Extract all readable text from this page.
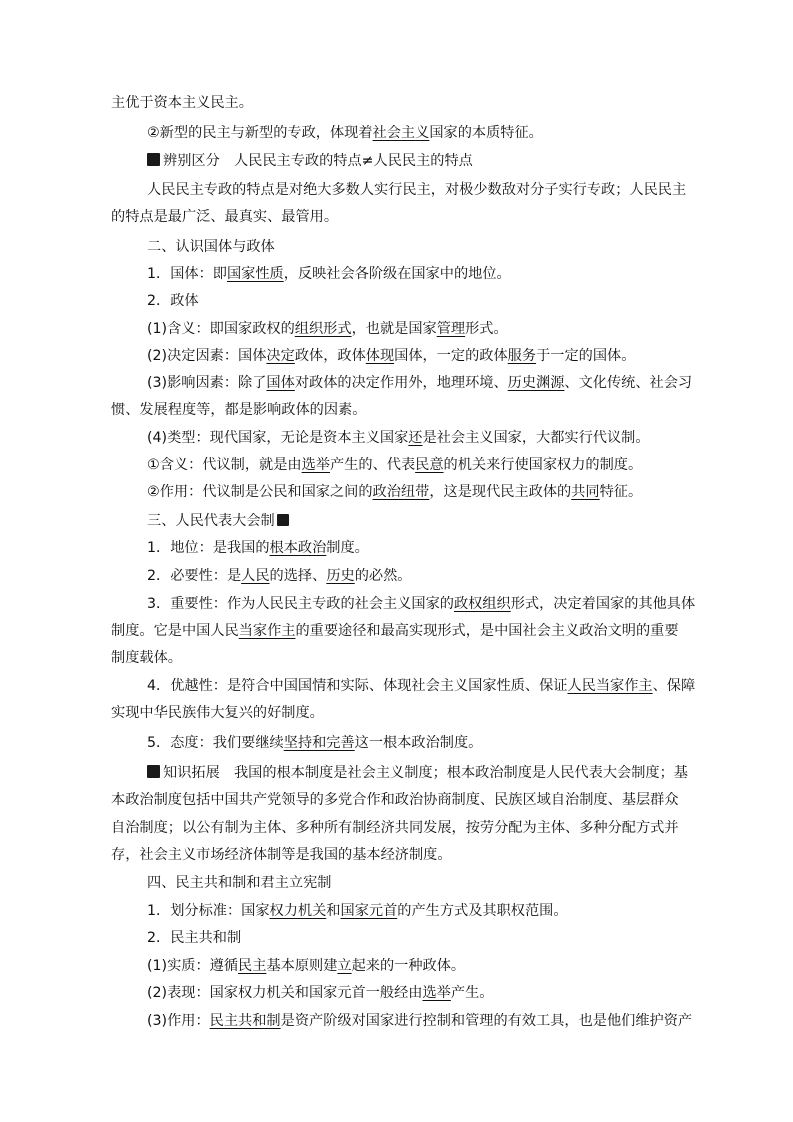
主优于资本主义民主。
②新型的民主与新型的专政，体现着社会主义国家的本质特征。
辨别区分　人民民主专政的特点≠人民民主的特点
人民民主专政的特点是对绝大多数人实行民主，对极少数敌对分子实行专政；人民民主
的特点是最广泛、最真实、最管用。
二、认识国体与政体
1．国体：即国家性质，反映社会各阶级在国家中的地位。
2．政体
(1)含义：即国家政权的组织形式，也就是国家管理形式。
(2)决定因素：国体决定政体，政体体现国体，一定的政体服务于一定的国体。
(3)影响因素：除了国体对政体的决定作用外，地理环境、历史渊源、文化传统、社会习
惯、发展程度等，都是影响政体的因素。
(4)类型：现代国家，无论是资本主义国家还是社会主义国家，大都实行代议制。
①含义：代议制，就是由选举产生的、代表民意的机关来行使国家权力的制度。
②作用：代议制是公民和国家之间的政治纽带，这是现代民主政体的共同特征。
三、人民代表大会制
1．地位：是我国的根本政治制度。
2．必要性：是人民的选择、历史的必然。
3．重要性：作为人民民主专政的社会主义国家的政权组织形式，决定着国家的其他具体
制度。它是中国人民当家作主的重要途径和最高实现形式，是中国社会主义政治文明的重要
制度载体。
4．优越性：是符合中国国情和实际、体现社会主义国家性质、保证人民当家作主、保障
实现中华民族伟大复兴的好制度。
5．态度：我们要继续坚持和完善这一根本政治制度。
知识拓展　我国的根本制度是社会主义制度；根本政治制度是人民代表大会制度；基
本政治制度包括中国共产党领导的多党合作和政治协商制度、民族区域自治制度、基层群众
自治制度；以公有制为主体、多种所有制经济共同发展，按劳分配为主体、多种分配方式并
存，社会主义市场经济体制等是我国的基本经济制度。
四、民主共和制和君主立宪制
1．划分标准：国家权力机关和国家元首的产生方式及其职权范围。
2．民主共和制
(1)实质：遵循民主基本原则建立起来的一种政体。
(2)表现：国家权力机关和国家元首一般经由选举产生。
(3)作用：民主共和制是资产阶级对国家进行控制和管理的有效工具，也是他们维护资产
